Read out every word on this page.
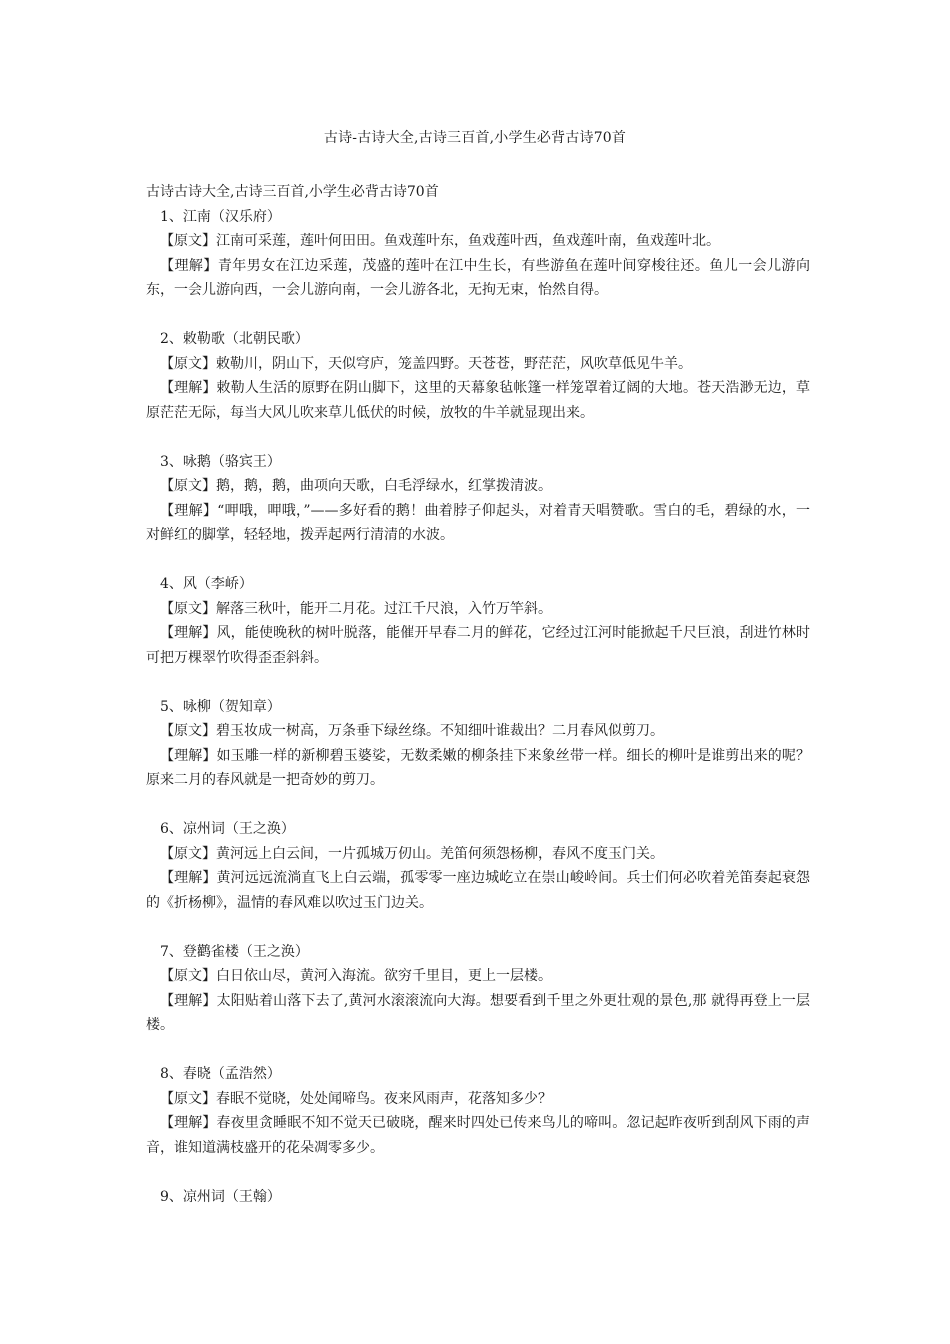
古诗-古诗大全,古诗三百首,小学生必背古诗70首

古诗古诗大全,古诗三百首,小学生必背古诗70首

1、江南（汉乐府）

【原文】江南可采莲，莲叶何田田。鱼戏莲叶东，鱼戏莲叶西，鱼戏莲叶南，鱼戏莲叶北。

【理解】青年男女在江边采莲，茂盛的莲叶在江中生长，有些游鱼在莲叶间穿梭往还。鱼儿一会儿游向东，一会儿游向西，一会儿游向南，一会儿游各北，无拘无束，怡然自得。

2、敕勒歌（北朝民歌）

【原文】敕勒川，阴山下，天似穹庐，笼盖四野。天苍苍，野茫茫，风吹草低见牛羊。

【理解】敕勒人生活的原野在阴山脚下，这里的天幕象毡帐篷一样笼罩着辽阔的大地。苍天浩渺无边，草原茫茫无际，每当大风儿吹来草儿低伏的时候，放牧的牛羊就显现出来。

3、咏鹅（骆宾王）

【原文】鹅，鹅，鹅，曲项向天歌，白毛浮绿水，红掌拨清波。

【理解】“呷哦，呷哦，”——多好看的鹅！曲着脖子仰起头，对着青天唱赞歌。雪白的毛，碧绿的水，一对鲜红的脚掌，轻轻地，拨弄起两行清清的水波。

4、风（李峤）

【原文】解落三秋叶，能开二月花。过江千尺浪，入竹万竿斜。

【理解】风，能使晚秋的树叶脱落，能催开早春二月的鲜花，它经过江河时能掀起千尺巨浪，刮进竹林时可把万棵翠竹吹得歪歪斜斜。

5、咏柳（贺知章）

【原文】碧玉妆成一树高，万条垂下绿丝绦。不知细叶谁裁出？二月春风似剪刀。

【理解】如玉雕一样的新柳碧玉婆娑，无数柔嫩的柳条挂下来象丝带一样。细长的柳叶是谁剪出来的呢？原来二月的春风就是一把奇妙的剪刀。

6、凉州词（王之涣）

【原文】黄河远上白云间，一片孤城万仞山。羌笛何须怨杨柳，春风不度玉门关。

【理解】黄河远远流淌直飞上白云端，孤零零一座边城屹立在崇山峻岭间。兵士们何必吹着羌笛奏起衰怨的《折杨柳》，温情的春风难以吹过玉门边关。

7、登鹳雀楼（王之涣）

【原文】白日依山尽，黄河入海流。欲穷千里目，更上一层楼。

【理解】太阳贴着山落下去了,黄河水滚滚流向大海。想要看到千里之外更壮观的景色,那 就得再登上一层楼。

8、春晓（孟浩然）

【原文】春眠不觉晓，处处闻啼鸟。夜来风雨声，花落知多少？

【理解】春夜里贪睡眠不知不觉天已破晓，醒来时四处已传来鸟儿的啼叫。忽记起昨夜听到刮风下雨的声音，谁知道满枝盛开的花朵凋零多少。

9、凉州词（王翰）
